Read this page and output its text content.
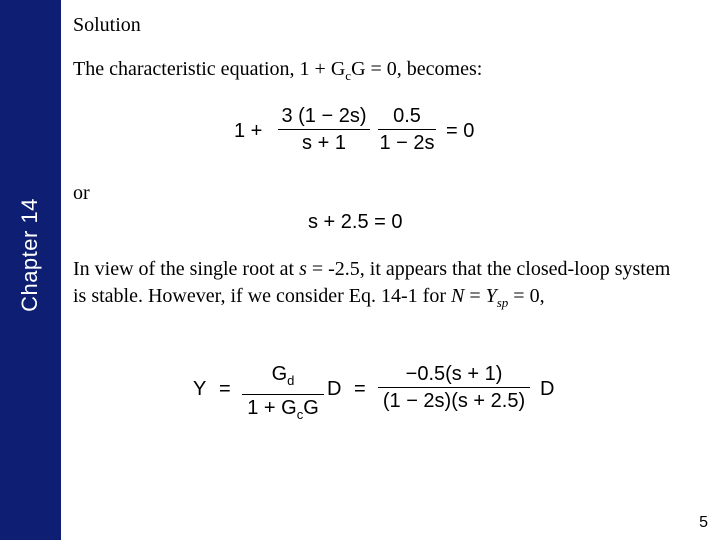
Chapter 14
Solution
The characteristic equation, $1 + G_cG = 0$, becomes:
1 +
3 (1 − 2s)
s + 1
0.5
1 − 2s
= 0
or
s + 2.5 = 0
In view of the single root at s = -2.5, it appears that the closed-loop system is stable. However, if we consider Eq. 14-1 for $N = Y_{sp} = 0$,
Y =
$G_d$
$1 + G_cG$
D =
−0.5(s + 1)
(1 − 2s)(s + 2.5)
D
5
